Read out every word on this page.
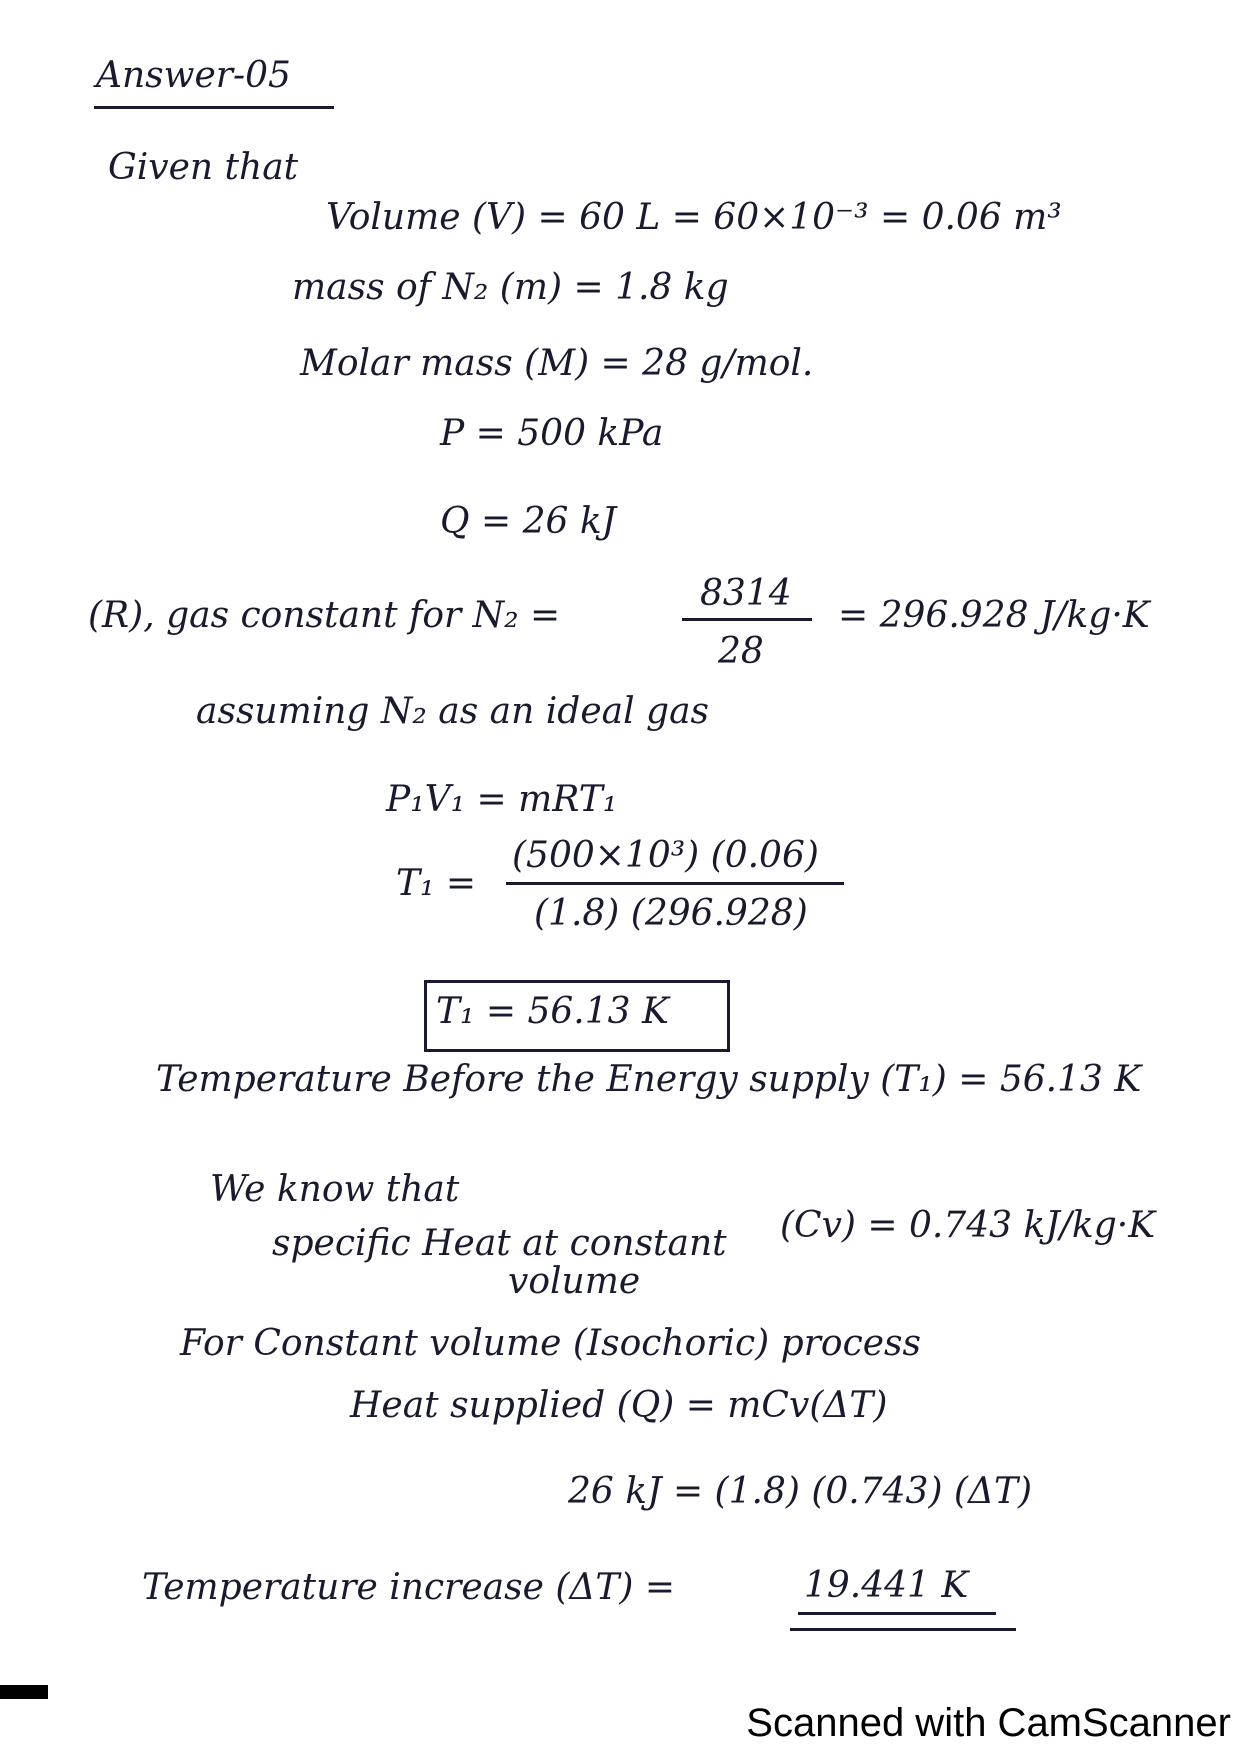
Answer-05
Given that
Volume (V) = 60 L = 60×10⁻³ = 0.06 m³
mass of N₂ (m) = 1.8 kg
Molar mass (M) = 28 g/mol.
P = 500 kPa
Q = 26 kJ
(R), gas constant for N₂ =
8314
28
= 296.928 J/kg·K
assuming N₂ as an ideal gas
P₁V₁ = mRT₁
T₁ =
(500×10³) (0.06)
(1.8) (296.928)
T₁ = 56.13 K
Temperature Before the Energy supply (T₁) = 56.13 K
We know that
specific Heat at constant
volume
(Cv) = 0.743 kJ/kg·K
For Constant volume (Isochoric) process
Heat supplied (Q) = mCv(ΔT)
26 kJ = (1.8) (0.743) (ΔT)
Temperature increase (ΔT) =	19.441 K
Scanned with CamScanner
